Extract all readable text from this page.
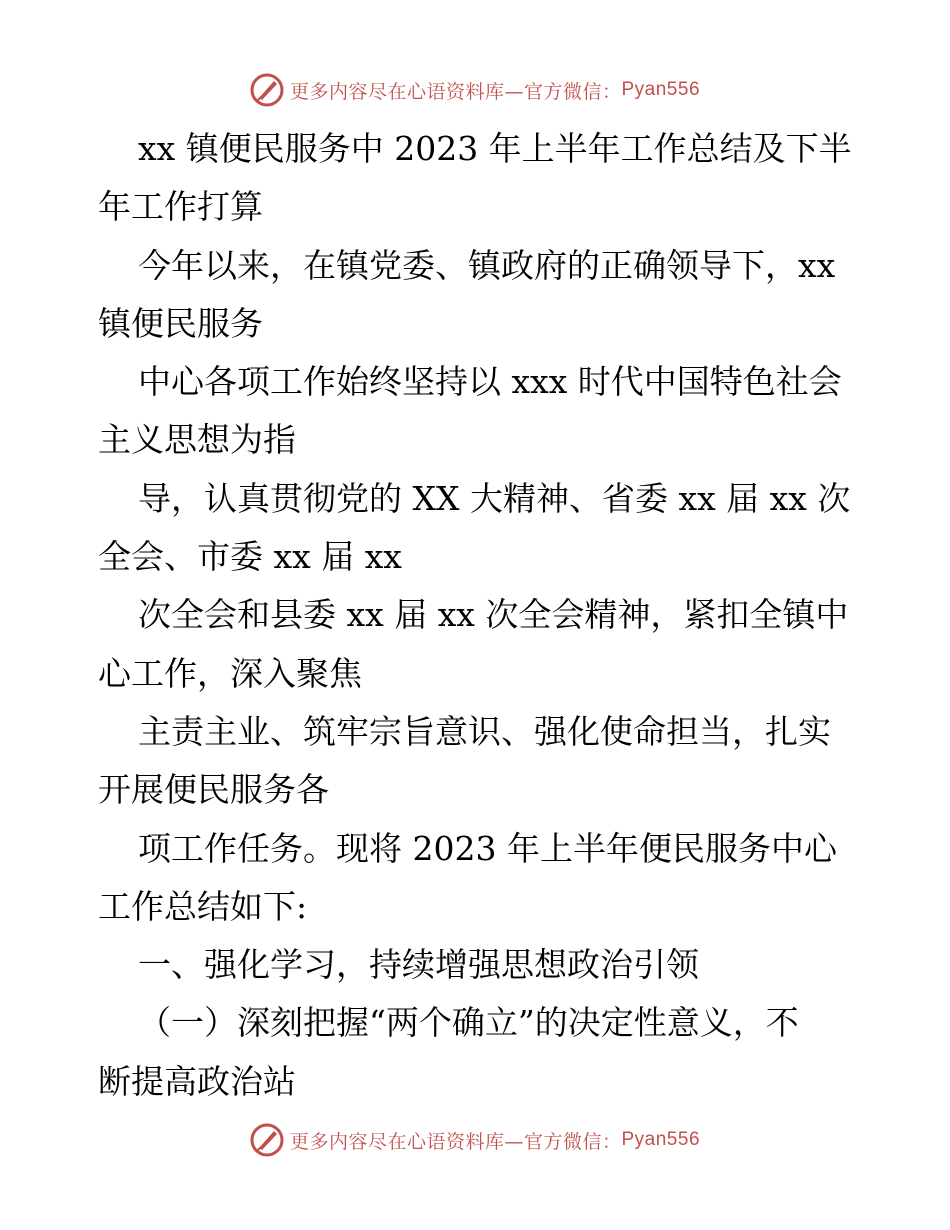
更多内容尽在心语资料库—官方微信： Pyan556
xx 镇便民服务中 2023 年上半年工作总结及下半
年工作打算
今年以来，在镇党委、镇政府的正确领导下，xx
镇便民服务
中心各项工作始终坚持以 xxx 时代中国特色社会
主义思想为指
导，认真贯彻党的 XX 大精神、省委 xx 届 xx 次
全会、市委 xx 届 xx
次全会和县委 xx 届 xx 次全会精神，紧扣全镇中
心工作，深入聚焦
主责主业、筑牢宗旨意识、强化使命担当，扎实
开展便民服务各
项工作任务。现将 2023 年上半年便民服务中心
工作总结如下:
一、强化学习，持续增强思想政治引领
（一）深刻把握“两个确立”的决定性意义，不
断提高政治站
更多内容尽在心语资料库—官方微信： Pyan556
